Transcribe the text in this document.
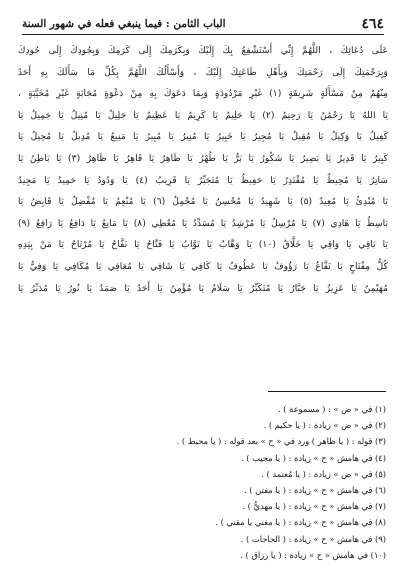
الباب الثامن : فيما ينبغي فعله في شهور السنة	٤٦٤
عَلَى دُعَائِكَ ، اللَّهُمَّ إِنِّي أَسْتَشْفِعُ بِكَ إِلَيْكَ وَبِكَرَمِكَ إِلَى كَرَمِكَ وَبِجُودِكَ إِلَى جُودِكَ
وَبِرَحْمَتِكَ إِلَى رَحْمَتِكَ وَبِأَهْلِ طَاعَتِكَ إِلَيْكَ ، وَأَسْأَلُكَ اللَّهُمَّ بِكُلِّ مَا سَأَلَكَ بِهِ أَحَدٌ
مِنْهُمْ مِنْ مَسْأَلَةٍ شَرِيفَةٍ (١) غَيْرِ مَرْدُودَةٍ وَبِمَا دَعَوكَ بِهِ مِنْ دَعْوَةٍ مُجَابَةٍ غَيْرِ مُخَيَّبَةٍ ،
يَا اللهُ يَا رَحْمَٰنُ يَا رَحِيمُ (٢) يَا حَلِيمُ يَا كَرِيمُ يَا عَظِيمُ يَا جَلِيلُ يَا مُنِيلُ يَا جَمِيلُ يَا
كَفِيلُ يَا وَكِيلُ يَا مُقِيلُ يَا مُجِيرُ يَا خَبِيرُ يَا مُنِيرُ يَا مُبِيرُ يَا مَنِيعُ يَا مُدِيلُ يَا مُحِيلُ يَا
كَبِيرُ يَا قَدِيرُ يَا بَصِيرُ يَا شَكُورُ يَا بَرُّ يَا طُهْرُ يَا طَاهِرُ يَا قَاهِرُ يَا ظَاهِرُ (٣) يَا بَاطِنُ يَا
سَاتِرُ يَا مُحِيطُ يَا مُقْتَدِرُ يَا حَفِيظُ يَا مُتَجَبِّرُ يَا قَرِيبُ (٤) يَا وَدُودُ يَا حَمِيدُ يَا مَجِيدُ
يَا مُبْدِئُ يَا مُعِيدُ (٥) يَا شَهِيدُ يَا مُحْسِنُ يَا مُجْمِلُ (٦) يَا مُنْعِمُ يَا مُفْضِلُ يَا قَابِضُ يَا
بَاسِطُ يَا هَادِي (٧) يَا مُرْسِلُ يَا مُرْشِدُ يَا مُسَدِّدُ يَا مُعْطِي (٨) يَا مَانِعُ يَا دَافِعُ يَا رَافِعُ (٩)
يَا بَاقِي يَا وَاقِي يَا خَلَّاقُ (١٠) يَا وَهَّابُ يَا تَوَّابُ يَا فَتَّاحُ يَا نَفَّاحُ يَا مُرْتَاحُ يَا مَنْ بِيَدِهِ
كُلُّ مِفْتَاحٍ يَا نَفَّاعُ يَا رَؤُوفُ يَا عَطُوفُ يَا كَافِي يَا شَافِي يَا مُعَافِي يَا مُكَافِي يَا وَفِيُّ يَا
مُهَيْمِنُ يَا عَزِيزُ يَا جَبَّارُ يَا مُتَكَبِّرُ يَا سَلَامُ يَا مُؤْمِنُ يَا أَحَدُ يَا صَمَدُ يَا نُورُ يَا مُدَبِّرُ يَا
(١) في « ض » : ( مسموعة ) .
(٢) في « ض » زيادة : ( يا حكيم ) .
(٣) قوله : ( يا ظاهر ) ورد في « ح » بعد قوله : ( يا محيط ) .
(٤) في هامش « ح » زيادة : ( يا مجيب ) .
(٥) في « ض » زيادة : ( يا مُعتمد ) .
(٦) في هامش « ح » زيادة : ( يا مفتن ) .
(٧) في هامش « ح » زيادة : ( يا مهديُّ ) .
(٨) في هامش « ح » زيادة : ( يا مغني يا مقني ) .
(٩) في هامش « ح » زيادة : ( الحاجات ) .
(١٠) في هامش « ح » زيادة : ( يا رزاق ) .
